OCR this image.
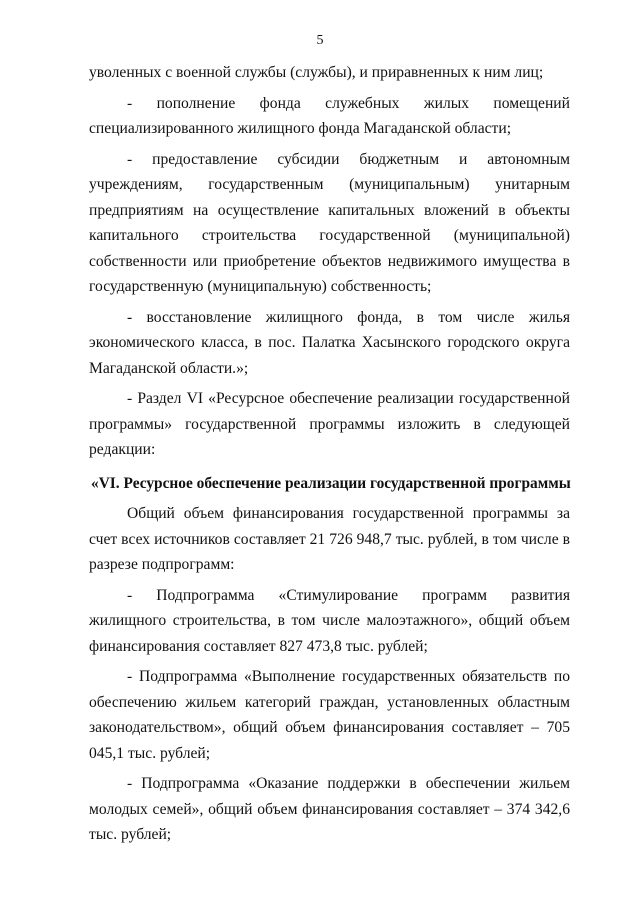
5

уволенных с военной службы (службы), и приравненных к ним лиц;

- пополнение фонда служебных жилых помещений специализированного жилищного фонда Магаданской области;

- предоставление субсидии бюджетным и автономным учреждениям, государственным (муниципальным) унитарным предприятиям на осуществление капитальных вложений в объекты капитального строительства государственной (муниципальной) собственности или приобретение объектов недвижимого имущества в государственную (муниципальную) собственность;

- восстановление жилищного фонда, в том числе жилья экономического класса, в пос. Палатка Хасынского городского округа Магаданской области.»;

- Раздел VI «Ресурсное обеспечение реализации государственной программы» государственной программы изложить в следующей редакции:

«VI. Ресурсное обеспечение реализации государственной программы

Общий объем финансирования государственной программы за счет всех источников составляет 21 726 948,7 тыс. рублей, в том числе в разрезе подпрограмм:

- Подпрограмма «Стимулирование программ развития жилищного строительства, в том числе малоэтажного», общий объем финансирования составляет 827 473,8 тыс. рублей;

- Подпрограмма «Выполнение государственных обязательств по обеспечению жильем категорий граждан, установленных областным законодательством», общий объем финансирования составляет – 705 045,1 тыс. рублей;

- Подпрограмма «Оказание поддержки в обеспечении жильем молодых семей», общий объем финансирования составляет – 374 342,6 тыс. рублей;
